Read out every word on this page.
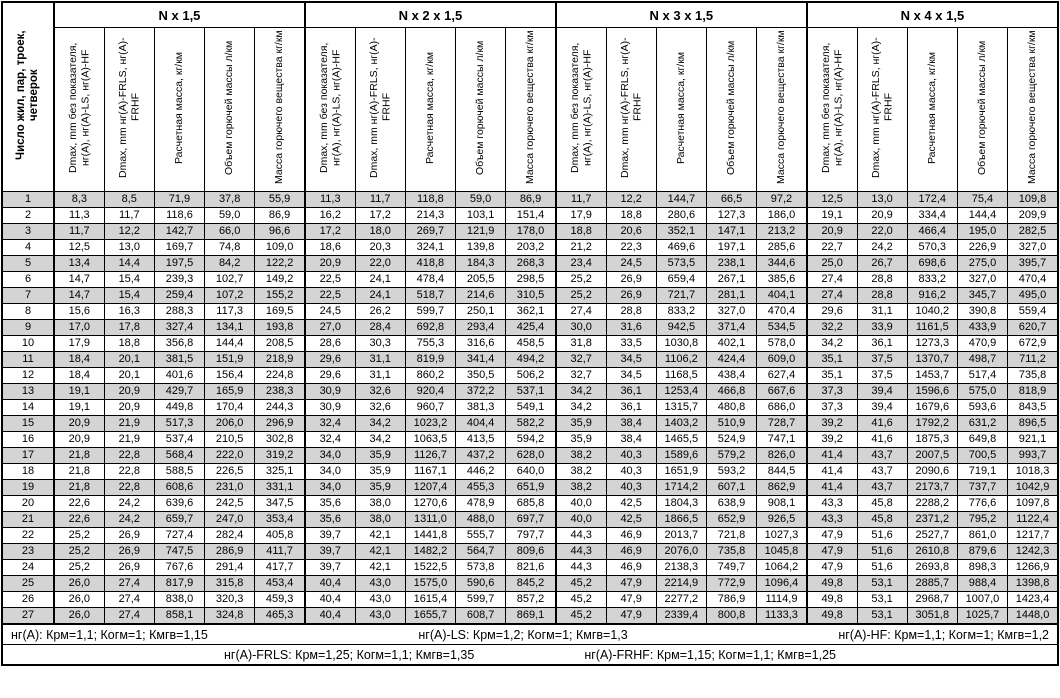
Число жил, пар, троек, четверок	N x 1,5					N x 2 x 1,5					N x 3 x 1,5					N x 4 x 1,5				
	Dmax, mm без показателя, нг(A), нг(A)-LS, нг(A)-HF	Dmax, mm нг(A)-FRLS, нг(A)-FRHF	Расчетная масса, кг/км	Объем горючей массы л/км	Масса горючего вещества кг/км	Dmax, mm без показателя, нг(A), нг(A)-LS, нг(A)-HF	Dmax, mm нг(A)-FRLS, нг(A)-FRHF	Расчетная масса, кг/км	Объем горючей массы л/км	Масса горючего вещества кг/км	Dmax, mm без показателя, нг(A), нг(A)-LS, нг(A)-HF	Dmax, mm нг(A)-FRLS, нг(A)-FRHF	Расчетная масса, кг/км	Объем горючей массы л/км	Масса горючего вещества кг/км	Dmax, mm без показателя, нг(A), нг(A)-LS, нг(A)-HF	Dmax, mm нг(A)-FRLS, нг(A)-FRHF	Расчетная масса, кг/км	Объем горючей массы л/км	Масса горючего вещества кг/км
1	8,3	8,5	71,9	37,8	55,9	11,3	11,7	118,8	59,0	86,9	11,7	12,2	144,7	66,5	97,2	12,5	13,0	172,4	75,4	109,8
2	11,3	11,7	118,6	59,0	86,9	16,2	17,2	214,3	103,1	151,4	17,9	18,8	280,6	127,3	186,0	19,1	20,9	334,4	144,4	209,9
3	11,7	12,2	142,7	66,0	96,6	17,2	18,0	269,7	121,9	178,0	18,8	20,6	352,1	147,1	213,2	20,9	22,0	466,4	195,0	282,5
4	12,5	13,0	169,7	74,8	109,0	18,6	20,3	324,1	139,8	203,2	21,2	22,3	469,6	197,1	285,6	22,7	24,2	570,3	226,9	327,0
5	13,4	14,4	197,5	84,2	122,2	20,9	22,0	418,8	184,3	268,3	23,4	24,5	573,5	238,1	344,6	25,0	26,7	698,6	275,0	395,7
6	14,7	15,4	239,3	102,7	149,2	22,5	24,1	478,4	205,5	298,5	25,2	26,9	659,4	267,1	385,6	27,4	28,8	833,2	327,0	470,4
7	14,7	15,4	259,4	107,2	155,2	22,5	24,1	518,7	214,6	310,5	25,2	26,9	721,7	281,1	404,1	27,4	28,8	916,2	345,7	495,0
8	15,6	16,3	288,3	117,3	169,5	24,5	26,2	599,7	250,1	362,1	27,4	28,8	833,2	327,0	470,4	29,6	31,1	1040,2	390,8	559,4
9	17,0	17,8	327,4	134,1	193,8	27,0	28,4	692,8	293,4	425,4	30,0	31,6	942,5	371,4	534,5	32,2	33,9	1161,5	433,9	620,7
10	17,9	18,8	356,8	144,4	208,5	28,6	30,3	755,3	316,6	458,5	31,8	33,5	1030,8	402,1	578,0	34,2	36,1	1273,3	470,9	672,9
11	18,4	20,1	381,5	151,9	218,9	29,6	31,1	819,9	341,4	494,2	32,7	34,5	1106,2	424,4	609,0	35,1	37,5	1370,7	498,7	711,2
12	18,4	20,1	401,6	156,4	224,8	29,6	31,1	860,2	350,5	506,2	32,7	34,5	1168,5	438,4	627,4	35,1	37,5	1453,7	517,4	735,8
13	19,1	20,9	429,7	165,9	238,3	30,9	32,6	920,4	372,2	537,1	34,2	36,1	1253,4	466,8	667,6	37,3	39,4	1596,6	575,0	818,9
14	19,1	20,9	449,8	170,4	244,3	30,9	32,6	960,7	381,3	549,1	34,2	36,1	1315,7	480,8	686,0	37,3	39,4	1679,6	593,6	843,5
15	20,9	21,9	517,3	206,0	296,9	32,4	34,2	1023,2	404,4	582,2	35,9	38,4	1403,2	510,9	728,7	39,2	41,6	1792,2	631,2	896,5
16	20,9	21,9	537,4	210,5	302,8	32,4	34,2	1063,5	413,5	594,2	35,9	38,4	1465,5	524,9	747,1	39,2	41,6	1875,3	649,8	921,1
17	21,8	22,8	568,4	222,0	319,2	34,0	35,9	1126,7	437,2	628,0	38,2	40,3	1589,6	579,2	826,0	41,4	43,7	2007,5	700,5	993,7
18	21,8	22,8	588,5	226,5	325,1	34,0	35,9	1167,1	446,2	640,0	38,2	40,3	1651,9	593,2	844,5	41,4	43,7	2090,6	719,1	1018,3
19	21,8	22,8	608,6	231,0	331,1	34,0	35,9	1207,4	455,3	651,9	38,2	40,3	1714,2	607,1	862,9	41,4	43,7	2173,7	737,7	1042,9
20	22,6	24,2	639,6	242,5	347,5	35,6	38,0	1270,6	478,9	685,8	40,0	42,5	1804,3	638,9	908,1	43,3	45,8	2288,2	776,6	1097,8
21	22,6	24,2	659,7	247,0	353,4	35,6	38,0	1311,0	488,0	697,7	40,0	42,5	1866,5	652,9	926,5	43,3	45,8	2371,2	795,2	1122,4
22	25,2	26,9	727,4	282,4	405,8	39,7	42,1	1441,8	555,7	797,7	44,3	46,9	2013,7	721,8	1027,3	47,9	51,6	2527,7	861,0	1217,7
23	25,2	26,9	747,5	286,9	411,7	39,7	42,1	1482,2	564,7	809,6	44,3	46,9	2076,0	735,8	1045,8	47,9	51,6	2610,8	879,6	1242,3
24	25,2	26,9	767,6	291,4	417,7	39,7	42,1	1522,5	573,8	821,6	44,3	46,9	2138,3	749,7	1064,2	47,9	51,6	2693,8	898,3	1266,9
25	26,0	27,4	817,9	315,8	453,4	40,4	43,0	1575,0	590,6	845,2	45,2	47,9	2214,9	772,9	1096,4	49,8	53,1	2885,7	988,4	1398,8
26	26,0	27,4	838,0	320,3	459,3	40,4	43,0	1615,4	599,7	857,2	45,2	47,9	2277,2	786,9	1114,9	49,8	53,1	2968,7	1007,0	1423,4
27	26,0	27,4	858,1	324,8	465,3	40,4	43,0	1655,7	608,7	869,1	45,2	47,9	2339,4	800,8	1133,3	49,8	53,1	3051,8	1025,7	1448,0

нг(A): Крм=1,1; Когм=1; Кмгв=1,15 нг(A)-LS: Крм=1,2; Когм=1; Кмгв=1,3 нг(A)-HF: Крм=1,1; Когм=1; Кмгв=1,2																				

нг(A)-FRLS: Крм=1,25; Когм=1,1; Кмгв=1,35 нг(A)-FRHF: Крм=1,15; Когм=1,1; Кмгв=1,25																				
